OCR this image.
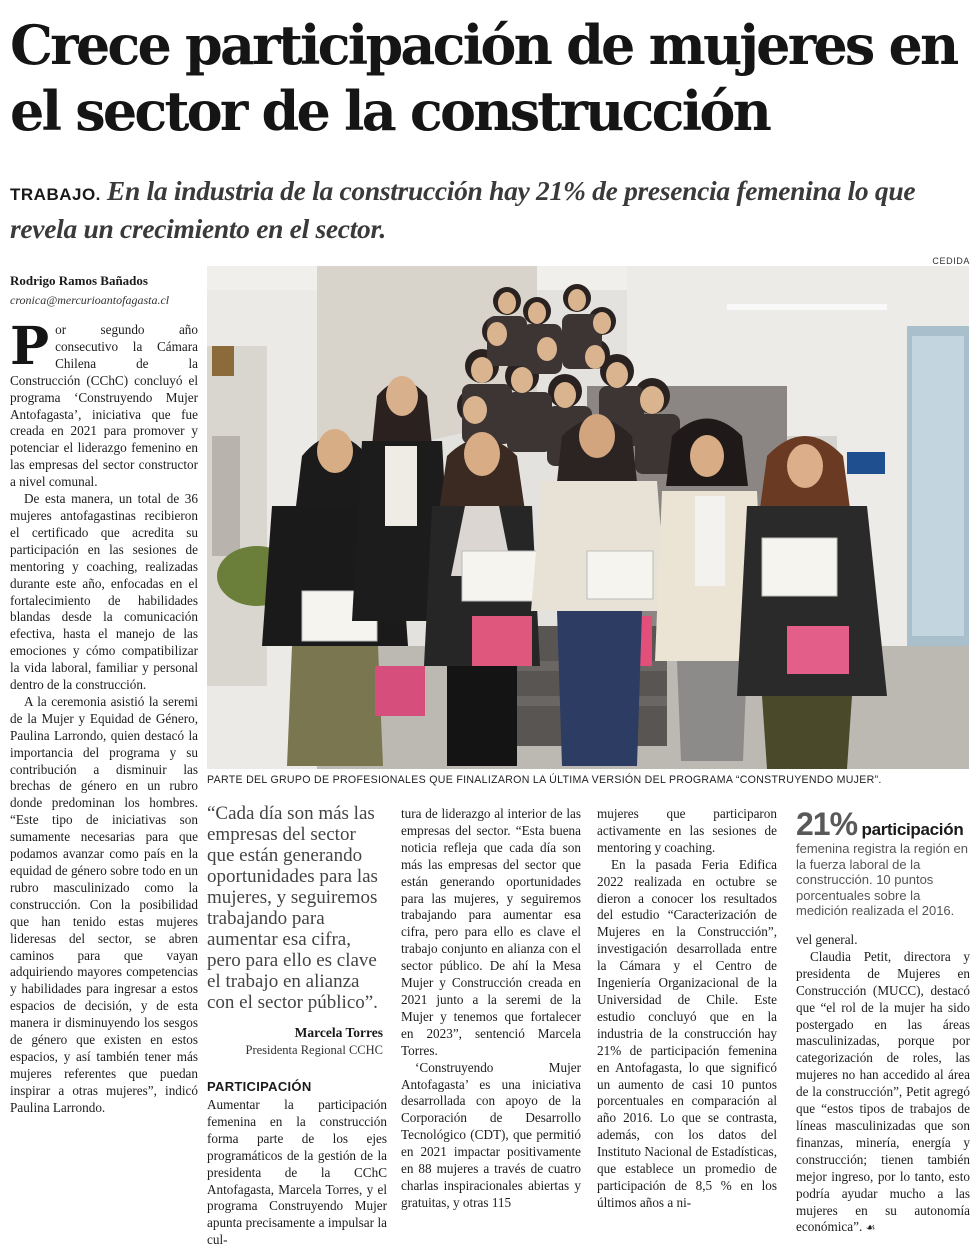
Crece participación de mujeres en el sector de la construcción
TRABAJO. En la industria de la construcción hay 21% de presencia femenina lo que revela un crecimiento en el sector.
CEDIDA
Rodrigo Ramos Bañados
cronica@mercurioantofagasta.cl

Por segundo año consecutivo la Cámara Chilena de la Construcción (CChC) concluyó el programa ‘Construyendo Mujer Antofagasta’, iniciativa que fue creada en 2021 para promover y potenciar el liderazgo femenino en las empresas del sector constructor a nivel comunal.

De esta manera, un total de 36 mujeres antofagastinas recibieron el certificado que acredita su participación en las sesiones de mentoring y coaching, realizadas durante este año, enfocadas en el fortalecimiento de habilidades blandas desde la comunicación efectiva, hasta el manejo de las emociones y cómo compatibilizar la vida laboral, familiar y personal dentro de la construcción.

A la ceremonia asistió la seremi de la Mujer y Equidad de Género, Paulina Larrondo, quien destacó la importancia del programa y su contribución a disminuir las brechas de género en un rubro donde predominan los hombres. “Este tipo de iniciativas son sumamente necesarias para que podamos avanzar como país en la equidad de género sobre todo en un rubro masculinizado como la construcción. Con la posibilidad que han tenido estas mujeres lideresas del sector, se abren caminos para que vayan adquiriendo mayores competencias y habilidades para ingresar a estos espacios de decisión, y de esta manera ir disminuyendo los sesgos de género que existen en estos espacios, y así también tener más mujeres referentes que puedan inspirar a otras mujeres”, indicó Paulina Larrondo.

PARTE DEL GRUPO DE PROFESIONALES QUE FINALIZARON LA ÚLTIMA VERSIÓN DEL PROGRAMA “CONSTRUYENDO MUJER”.
“Cada día son más las empresas del sector que están generando oportunidades para las mujeres, y seguiremos trabajando para aumentar esa cifra, pero para ello es clave el trabajo en alianza con el sector público”.
Marcela Torres
Presidenta Regional CCHC
PARTICIPACIÓN

Aumentar la participación femenina en la construcción forma parte de los ejes programáticos de la gestión de la presidenta de la CChC Antofagasta, Marcela Torres, y el programa Construyendo Mujer apunta precisamente a impulsar la cul-

tura de liderazgo al interior de las empresas del sector. “Esta buena noticia refleja que cada día son más las empresas del sector que están generando oportunidades para las mujeres, y seguiremos trabajando para aumentar esa cifra, pero para ello es clave el trabajo conjunto en alianza con el sector público. De ahí la Mesa Mujer y Construcción creada en 2021 junto a la seremi de la Mujer y tenemos que fortalecer en 2023”, sentenció Marcela Torres.

‘Construyendo Mujer Antofagasta’ es una iniciativa desarrollada con apoyo de la Corporación de Desarrollo Tecnológico (CDT), que permitió en 2021 impactar positivamente en 88 mujeres a través de cuatro charlas inspiracionales abiertas y gratuitas, y otras 115

mujeres que participaron activamente en las sesiones de mentoring y coaching.

En la pasada Feria Edifica 2022 realizada en octubre se dieron a conocer los resultados del estudio “Caracterización de Mujeres en la Construcción”, investigación desarrollada entre la Cámara y el Centro de Ingeniería Organizacional de la Universidad de Chile. Este estudio concluyó que en la industria de la construcción hay 21% de participación femenina en Antofagasta, lo que significó un aumento de casi 10 puntos porcentuales en comparación al año 2016. Lo que se contrasta, además, con los datos del Instituto Nacional de Estadísticas, que establece un promedio de participación de 8,5 % en los últimos años a ni-

21% participación
femenina registra la región en la fuerza laboral de la construcción. 10 puntos porcentuales sobre la medición realizada el 2016.

vel general.

Claudia Petit, directora y presidenta de Mujeres en Construcción (MUCC), destacó que “el rol de la mujer ha sido postergado en las áreas masculinizadas, porque por categorización de roles, las mujeres no han accedido al área de la construcción”, Petit agregó que “estos tipos de trabajos de líneas masculinizadas que son finanzas, minería, energía y construcción; tienen también mejor ingreso, por lo tanto, esto podría ayudar mucho a las mujeres en su autonomía económica”. ☙
